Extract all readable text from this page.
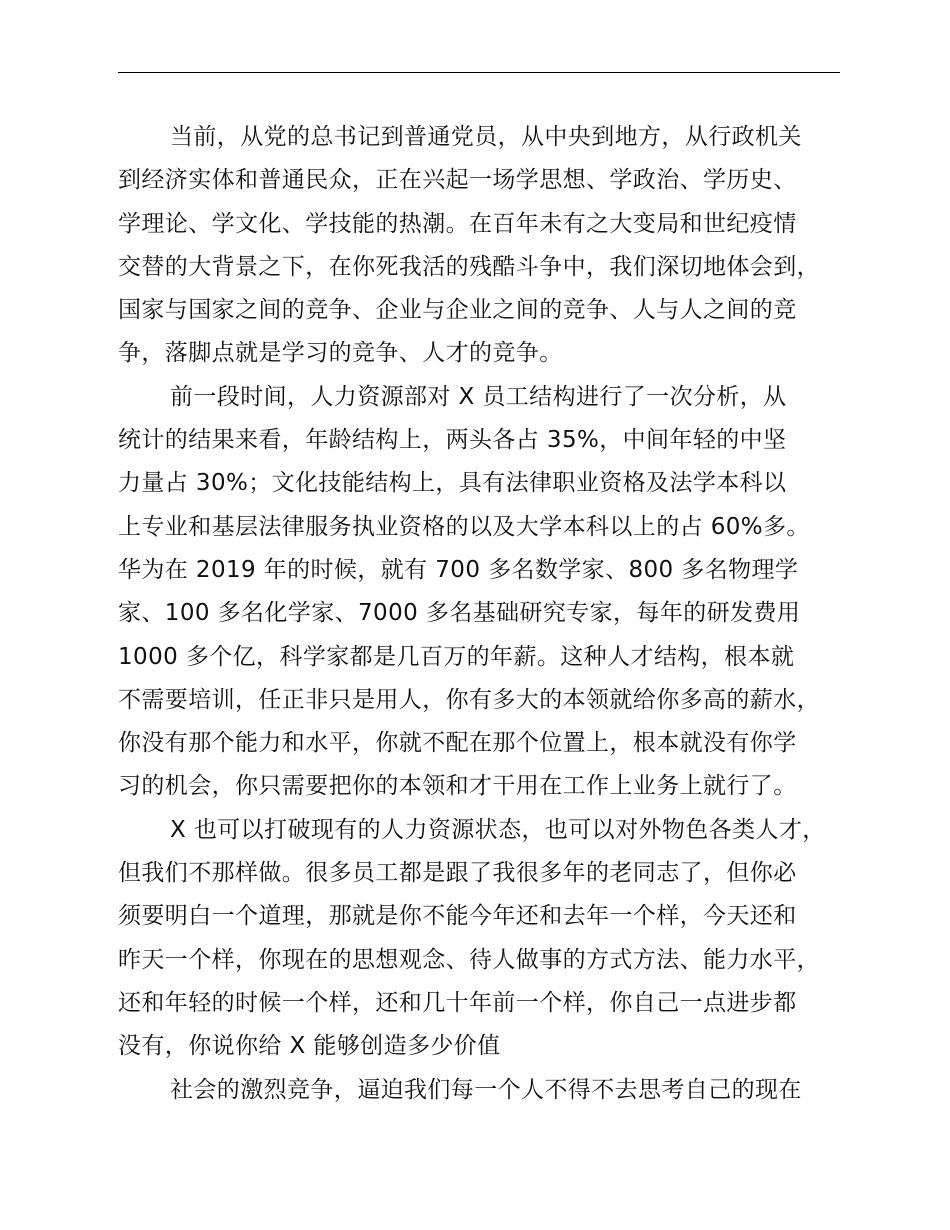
当前，从党的总书记到普通党员，从中央到地方，从行政机关
到经济实体和普通民众，正在兴起一场学思想、学政治、学历史、
学理论、学文化、学技能的热潮。在百年未有之大变局和世纪疫情
交替的大背景之下，在你死我活的残酷斗争中，我们深切地体会到，
国家与国家之间的竞争、企业与企业之间的竞争、人与人之间的竞
争，落脚点就是学习的竞争、人才的竞争。
前一段时间，人力资源部对 X 员工结构进行了一次分析，从
统计的结果来看，年龄结构上，两头各占 35%，中间年轻的中坚
力量占 30%；文化技能结构上，具有法律职业资格及法学本科以
上专业和基层法律服务执业资格的以及大学本科以上的占 60%多。
华为在 2019 年的时候，就有 700 多名数学家、800 多名物理学
家、100 多名化学家、7000 多名基础研究专家，每年的研发费用
1000 多个亿，科学家都是几百万的年薪。这种人才结构，根本就
不需要培训，任正非只是用人，你有多大的本领就给你多高的薪水，
你没有那个能力和水平，你就不配在那个位置上，根本就没有你学
习的机会，你只需要把你的本领和才干用在工作上业务上就行了。
X 也可以打破现有的人力资源状态，也可以对外物色各类人才，
但我们不那样做。很多员工都是跟了我很多年的老同志了，但你必
须要明白一个道理，那就是你不能今年还和去年一个样，今天还和
昨天一个样，你现在的思想观念、待人做事的方式方法、能力水平，
还和年轻的时候一个样，还和几十年前一个样，你自己一点进步都
没有，你说你给 X 能够创造多少价值
社会的激烈竞争，逼迫我们每一个人不得不去思考自己的现在
